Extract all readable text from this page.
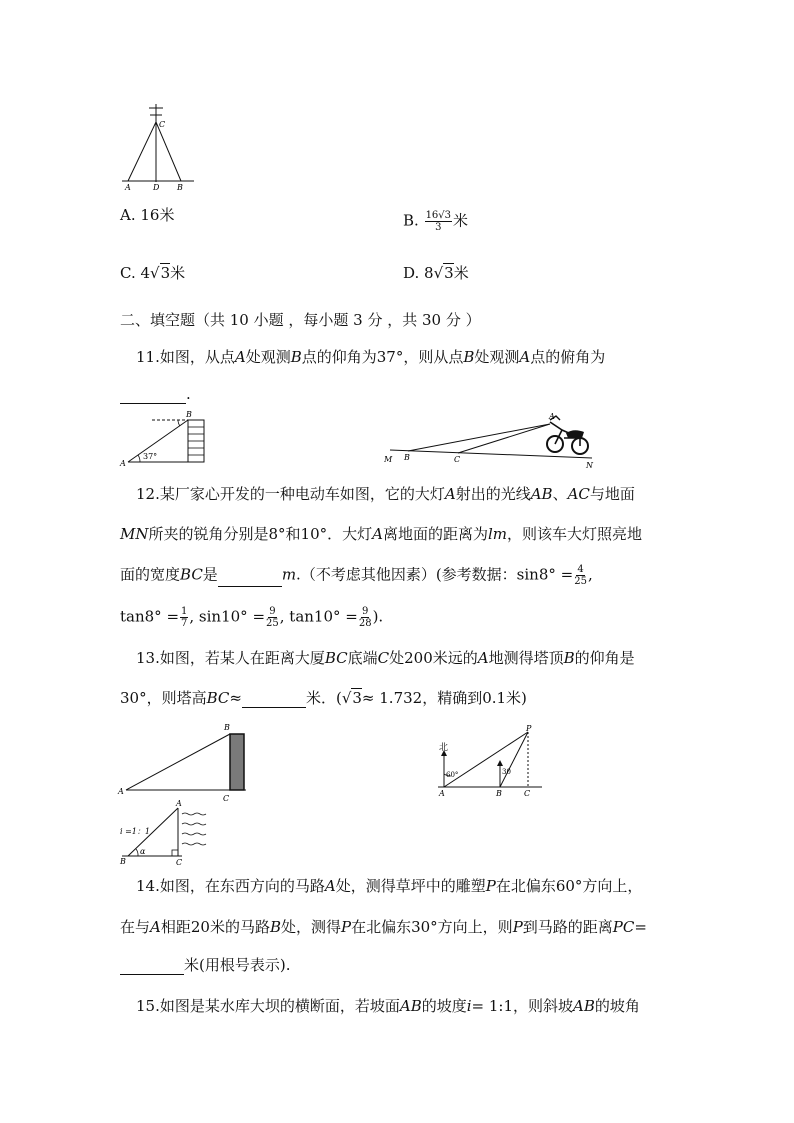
C
A	D B
A. 16米	B. $\frac{16√3}{3}$ 米
C. 4√3米	D. 8√3米
二、填空题（共 10 小题 ，每小题 3 分 ，共 30 分 ）
11.如图，从点A处观测B点的仰角为37°，则从点B处观测A点的俯角为
.
B
A
37°
A
M B	C
N
12.某厂家心开发的一种电动车如图，它的大灯A射出的光线AB、AC与地面
MN所夹的锐角分别是8°和10°．大灯A离地面的距离为lm，则该车大灯照亮地
面的宽度BC是	m.（不考虑其他因素）(参考数据：$\sin 8^\circ = \frac{4}{25}$ ,
$\tan 8^\circ = \frac{1}{7}$ , $\sin 10^\circ = \frac{9}{25}$ , $\tan 10^\circ = \frac{9}{28}$ ).
13.如图，若某人在距离大厦BC底端C处200米远的A地测得塔顶B的仰角是
30°，则塔高BC≈	米．(√3≈ 1.732，精确到0.1米)
B
A
C
北
60°	30
P
A	B	C
i =1：1
A
B	C
α
14.如图，在东西方向的马路A处，测得草坪中的雕塑P在北偏东60°方向上，
在与A相距20米的马路B处，测得P在北偏东30°方向上，则P到马路的距离PC=
米(用根号表示).
15.如图是某水库大坝的横断面，若坡面AB的坡度i= 1:1，则斜坡AB的坡角
